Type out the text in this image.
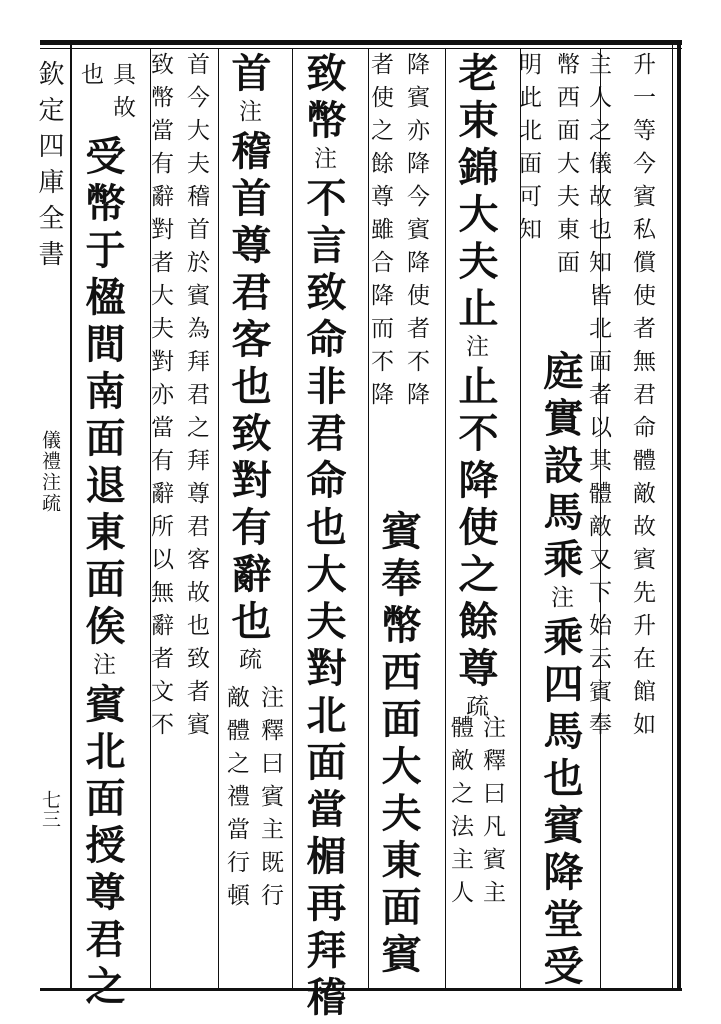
欽定四庫全書
儀禮注疏
七三
升一等今賓私償使者無君命體敵故賓先升在館如
主人之儀故也知皆北面者以其體敵又下始云賓奉
幣西面大夫東面
明此北面可知
庭實設馬乘注乘四馬也賓降堂受
老束錦大夫止注止不降使之餘尊疏
注釋曰凡賓主
體敵之法主人
降賓亦降今賓降使者不降
者使之餘尊雖合降而不降
賓奉幣西面大夫東面賓
致幣注不言致命非君命也大夫對北面當楣再拜稽
首注稽首尊君客也致對有辭也疏
注釋曰賓主既行
敵體之禮當行頓
首今大夫稽首於賓為拜君之拜尊君客故也致者賓
致幣當有辭對者大夫對亦當有辭所以無辭者文不
具故
也
受幣于楹間南面退東面俟注賓北面授尊君之
